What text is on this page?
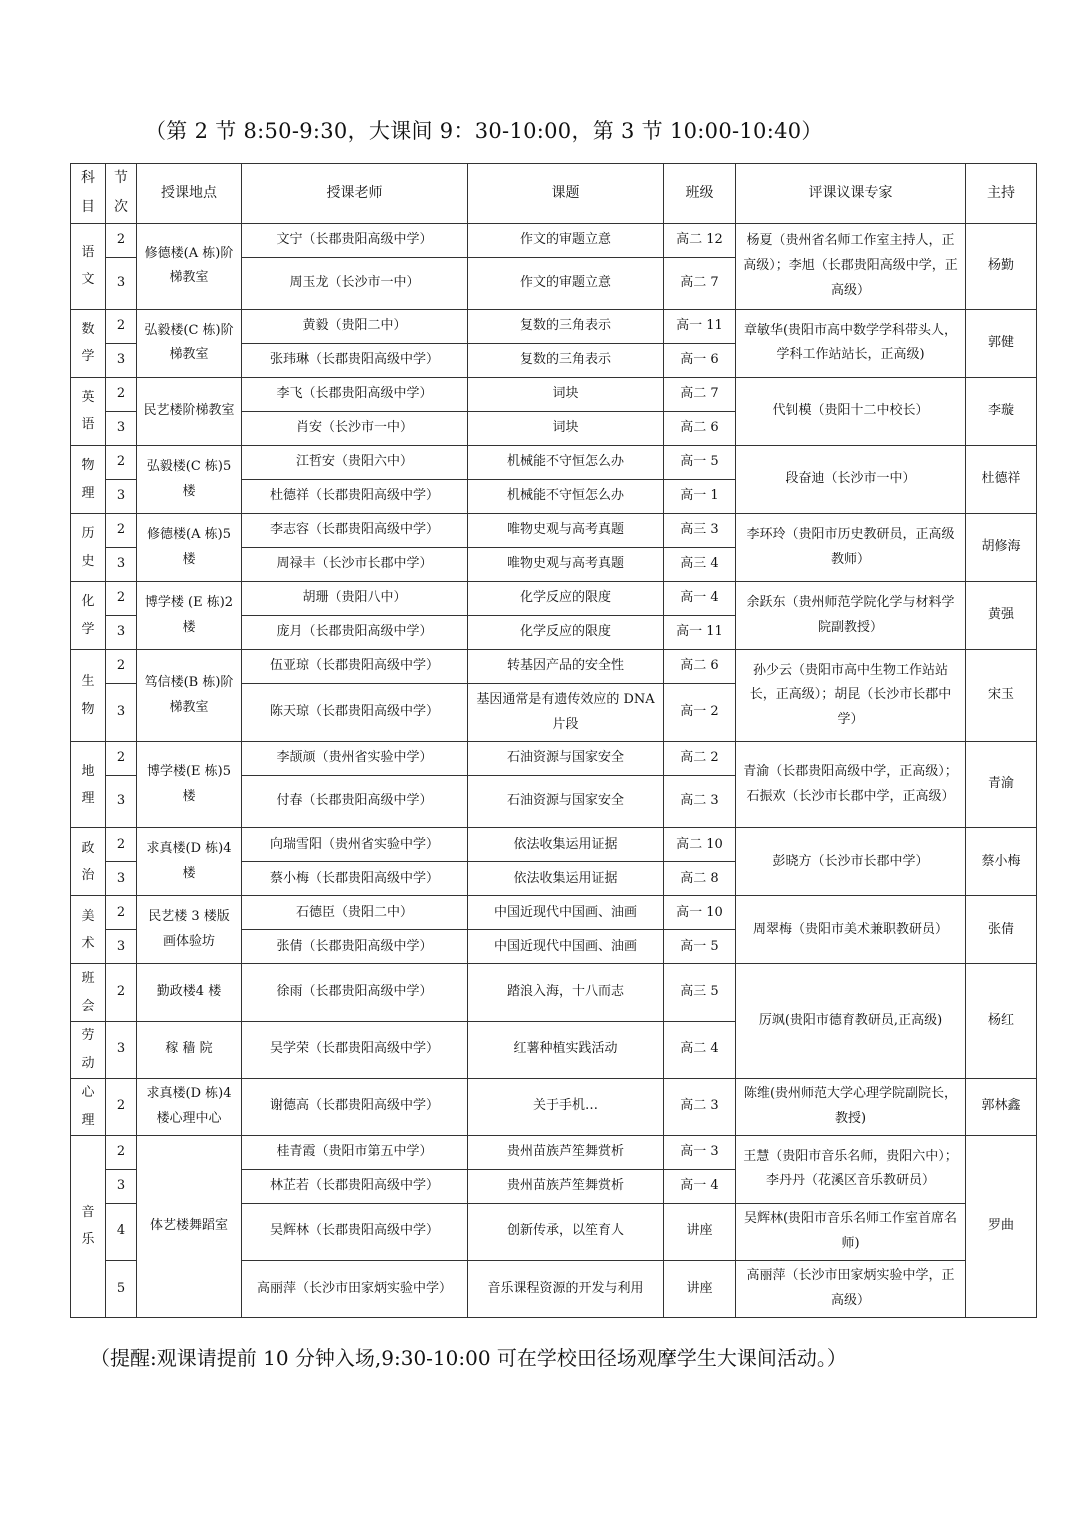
（第 2 节 8:50-9:30，大课间 9：30-10:00，第 3 节 10:00-10:40）
科目	节次	授课地点	授课老师	课题	班级	评课议课专家	主持
语文	2	修德楼(A 栋)阶梯教室	文宁（长郡贵阳高级中学）	作文的审题立意	高二 12	杨夏（贵州省名师工作室主持人，正高级）；李旭（长郡贵阳高级中学，正高级）	杨勤
	3		周玉龙（长沙市一中）	作文的审题立意	高二 7		
数学	2	弘毅楼(C 栋)阶梯教室	黄毅（贵阳二中）	复数的三角表示	高一 11	章敏华(贵阳市高中数学学科带头人，学科工作站站长，正高级)	郭健
	3		张玮琳（长郡贵阳高级中学）	复数的三角表示	高一 6		
英语	2	民艺楼阶梯教室	李飞（长郡贵阳高级中学）	词块	高二 7	代钊模（贵阳十二中校长）	李璇
	3		肖安（长沙市一中）	词块	高二 6		
物理	2	弘毅楼(C 栋)5 楼	江哲安（贵阳六中）	机械能不守恒怎么办	高一 5	段奋迪（长沙市一中）	杜德祥
	3		杜德祥（长郡贵阳高级中学）	机械能不守恒怎么办	高一 1		
历史	2	修德楼(A 栋)5 楼	李志容（长郡贵阳高级中学）	唯物史观与高考真题	高三 3	李环玲（贵阳市历史教研员，正高级教师）	胡修海
	3		周禄丰（长沙市长郡中学）	唯物史观与高考真题	高三 4		
化学	2	博学楼 (E 栋)2 楼	胡珊（贵阳八中）	化学反应的限度	高一 4	余跃东（贵州师范学院化学与材料学院副教授）	黄强
	3		庞月（长郡贵阳高级中学）	化学反应的限度	高一 11		
生物	2	笃信楼(B 栋)阶梯教室	伍亚琼（长郡贵阳高级中学）	转基因产品的安全性	高二 6	孙少云（贵阳市高中生物工作站站长，正高级）；胡昆（长沙市长郡中学）	宋玉
	3		陈天琼（长郡贵阳高级中学）	基因通常是有遗传效应的 DNA 片段	高一 2		
地理	2	博学楼(E 栋)5 楼	李颉颃（贵州省实验中学）	石油资源与国家安全	高二 2	青渝（长郡贵阳高级中学，正高级）；石振欢（长沙市长郡中学，正高级）	青渝
	3		付春（长郡贵阳高级中学）	石油资源与国家安全	高二 3		
政治	2	求真楼(D 栋)4 楼	向瑞雪阳（贵州省实验中学）	依法收集运用证据	高二 10	彭晓方（长沙市长郡中学）	蔡小梅
	3		蔡小梅（长郡贵阳高级中学）	依法收集运用证据	高二 8		
美术	2	民艺楼 3 楼版画体验坊	石德臣（贵阳二中）	中国近现代中国画、油画	高一 10	周翠梅（贵阳市美术兼职教研员）	张倩
	3		张倩（长郡贵阳高级中学）	中国近现代中国画、油画	高一 5		
班会	2	勤政楼4 楼	徐雨（长郡贵阳高级中学）	踏浪入海，十八而志	高三 5	厉飒(贵阳市德育教研员,正高级)	杨红
劳动	3	稼 穑 院	吴学荣（长郡贵阳高级中学）	红薯种植实践活动	高二 4		
心理	2	求真楼(D 栋)4 楼心理中心	谢德高（长郡贵阳高级中学）	关于手机…	高二 3	陈维(贵州师范大学心理学院副院长，教授)	郭林鑫
音乐	2	体艺楼舞蹈室	桂青霞（贵阳市第五中学）	贵州苗族芦笙舞赏析	高一 3	王慧（贵阳市音乐名师，贵阳六中）；李丹丹（花溪区音乐教研员）	罗曲
	3		林芷若（长郡贵阳高级中学）	贵州苗族芦笙舞赏析	高一 4		
	4		吴辉林（长郡贵阳高级中学）	创新传承，以笙育人	讲座	吴辉林(贵阳市音乐名师工作室首席名师)	
	5		高丽萍（长沙市田家炳实验中学）	音乐课程资源的开发与利用	讲座	高丽萍（长沙市田家炳实验中学，正高级）	
（提醒:观课请提前 10 分钟入场,9:30-10:00 可在学校田径场观摩学生大课间活动。）
